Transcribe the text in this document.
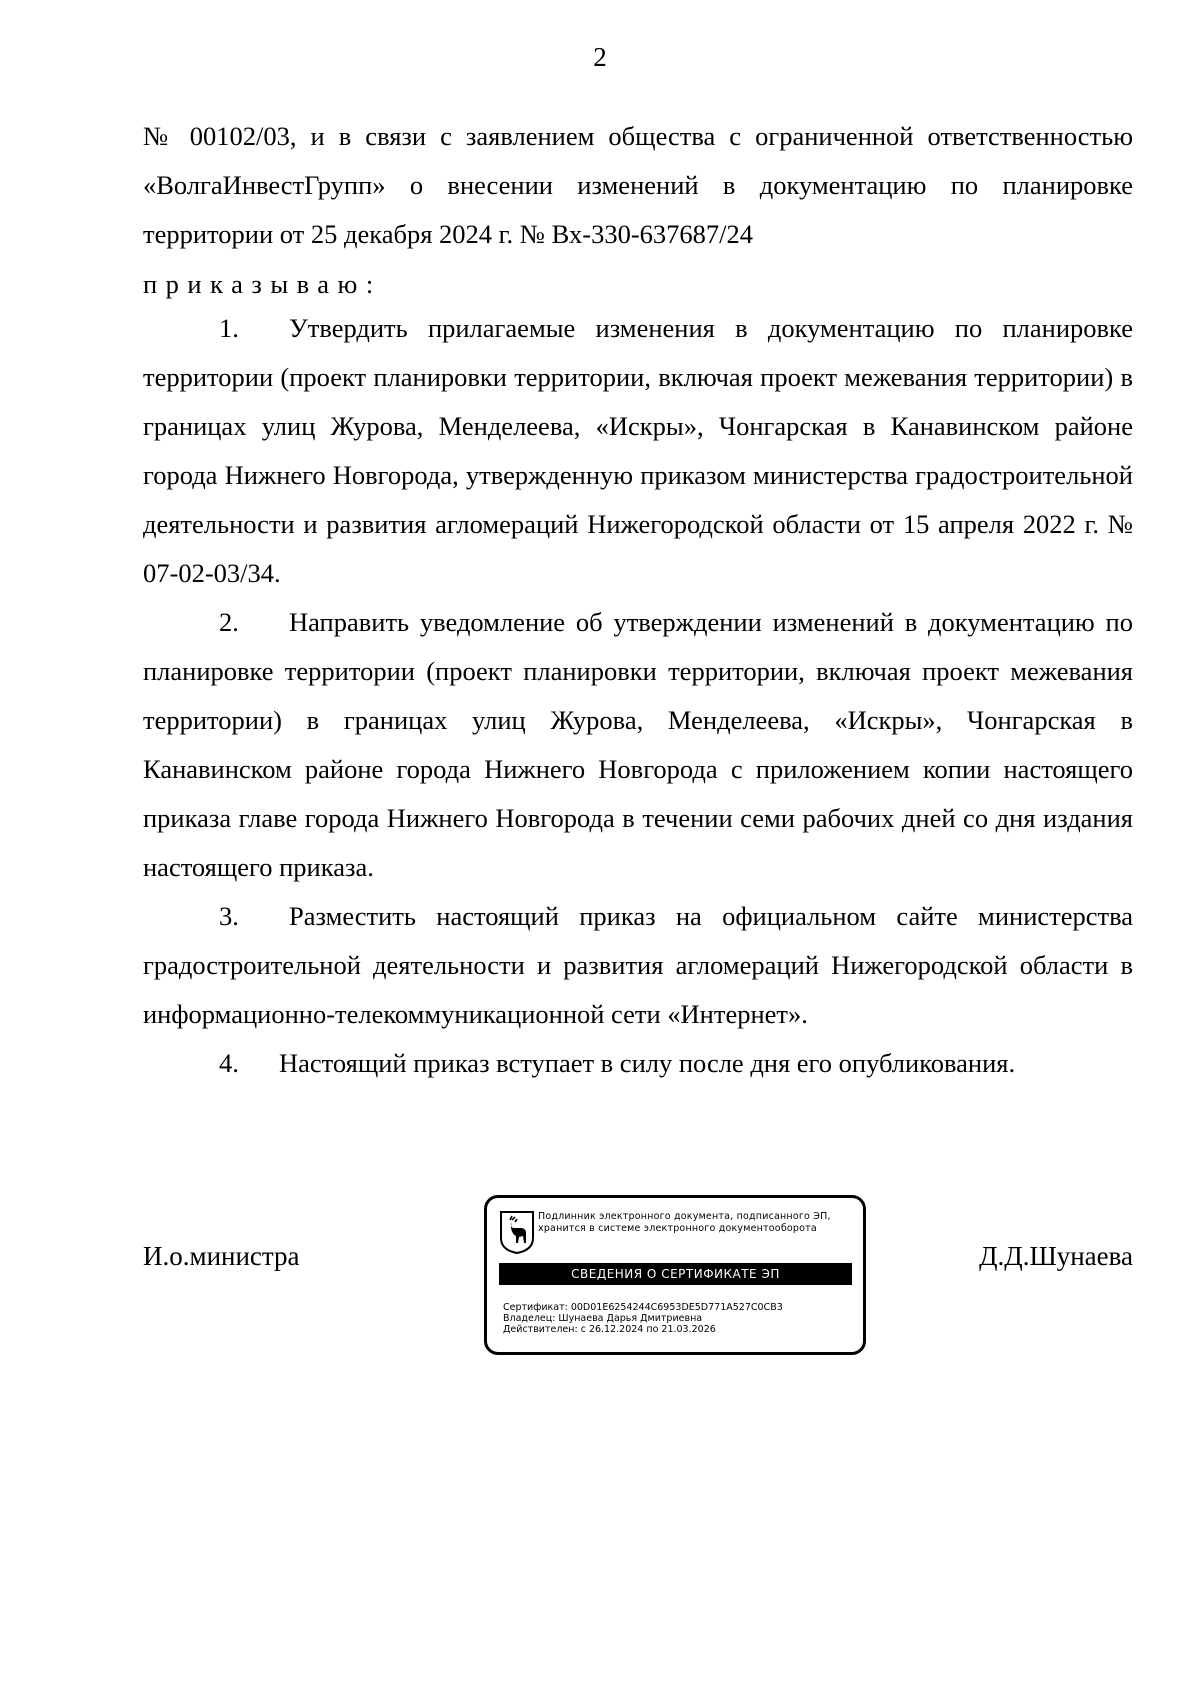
2

№ 00102/03, и в связи с заявлением общества с ограниченной ответственностью «ВолгаИнвестГрупп» о внесении изменений в документацию по планировке территории от 25 декабря 2024 г. № Вх-330-637687/24

приказываю:

1. Утвердить прилагаемые изменения в документацию по планировке территории (проект планировки территории, включая проект межевания территории) в границах улиц Журова, Менделеева, «Искры», Чонгарская в Канавинском районе города Нижнего Новгорода, утвержденную приказом министерства градостроительной деятельности и развития агломераций Нижегородской области от 15 апреля 2022 г. № 07-02-03/34.

2. Направить уведомление об утверждении изменений в документацию по планировке территории (проект планировки территории, включая проект межевания территории) в границах улиц Журова, Менделеева, «Искры», Чонгарская в Канавинском районе города Нижнего Новгорода с приложением копии настоящего приказа главе города Нижнего Новгорода в течении семи рабочих дней со дня издания настоящего приказа.

3. Разместить настоящий приказ на официальном сайте министерства градостроительной деятельности и развития агломераций Нижегородской области в информационно-телекоммуникационной сети «Интернет».

4. Настоящий приказ вступает в силу после дня его опубликования.

И.о.министра
Подлинник электронного документа, подписанного ЭП,
хранится в системе электронного документооборота
СВЕДЕНИЯ О СЕРТИФИКАТЕ ЭП
Сертификат: 00D01E6254244C6953DE5D771A527C0CB3
Владелец: Шунаева Дарья Дмитриевна
Действителен: с 26.12.2024 по 21.03.2026
Д.Д.Шунаева
